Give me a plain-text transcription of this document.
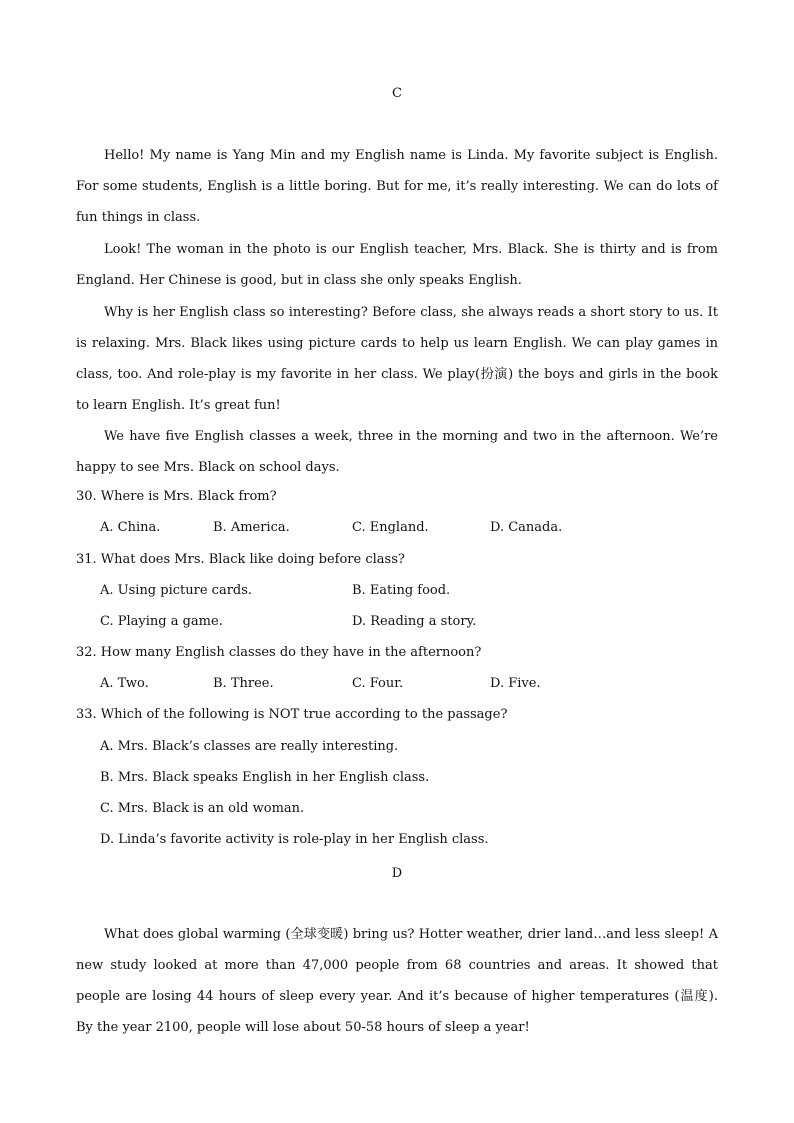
C

Hello! My name is Yang Min and my English name is Linda. My favorite subject is English. For some students, English is a little boring. But for me, it’s really interesting. We can do lots of fun things in class.

Look! The woman in the photo is our English teacher, Mrs. Black. She is thirty and is from England. Her Chinese is good, but in class she only speaks English.

Why is her English class so interesting? Before class, she always reads a short story to us. It is relaxing. Mrs. Black likes using picture cards to help us learn English. We can play games in class, too. And role-play is my favorite in her class. We play(扮演) the boys and girls in the book to learn English. It’s great fun!

We have five English classes a week, three in the morning and two in the afternoon. We’re happy to see Mrs. Black on school days.

30. Where is Mrs. Black from?
A. China.	B. America.	C. England.	D. Canada.
31. What does Mrs. Black like doing before class?
A. Using picture cards.	B. Eating food.
C. Playing a game.	D. Reading a story.
32. How many English classes do they have in the afternoon?
A. Two.	B. Three.	C. Four.	D. Five.
33. Which of the following is NOT true according to the passage?
A. Mrs. Black’s classes are really interesting.
B. Mrs. Black speaks English in her English class.
C. Mrs. Black is an old woman.
D. Linda’s favorite activity is role-play in her English class.
D

What does global warming (全球变暖) bring us? Hotter weather, drier land…and less sleep! A new study looked at more than 47,000 people from 68 countries and areas. It showed that people are losing 44 hours of sleep every year. And it’s because of higher temperatures (温度). By the year 2100, people will lose about 50-58 hours of sleep a year!
